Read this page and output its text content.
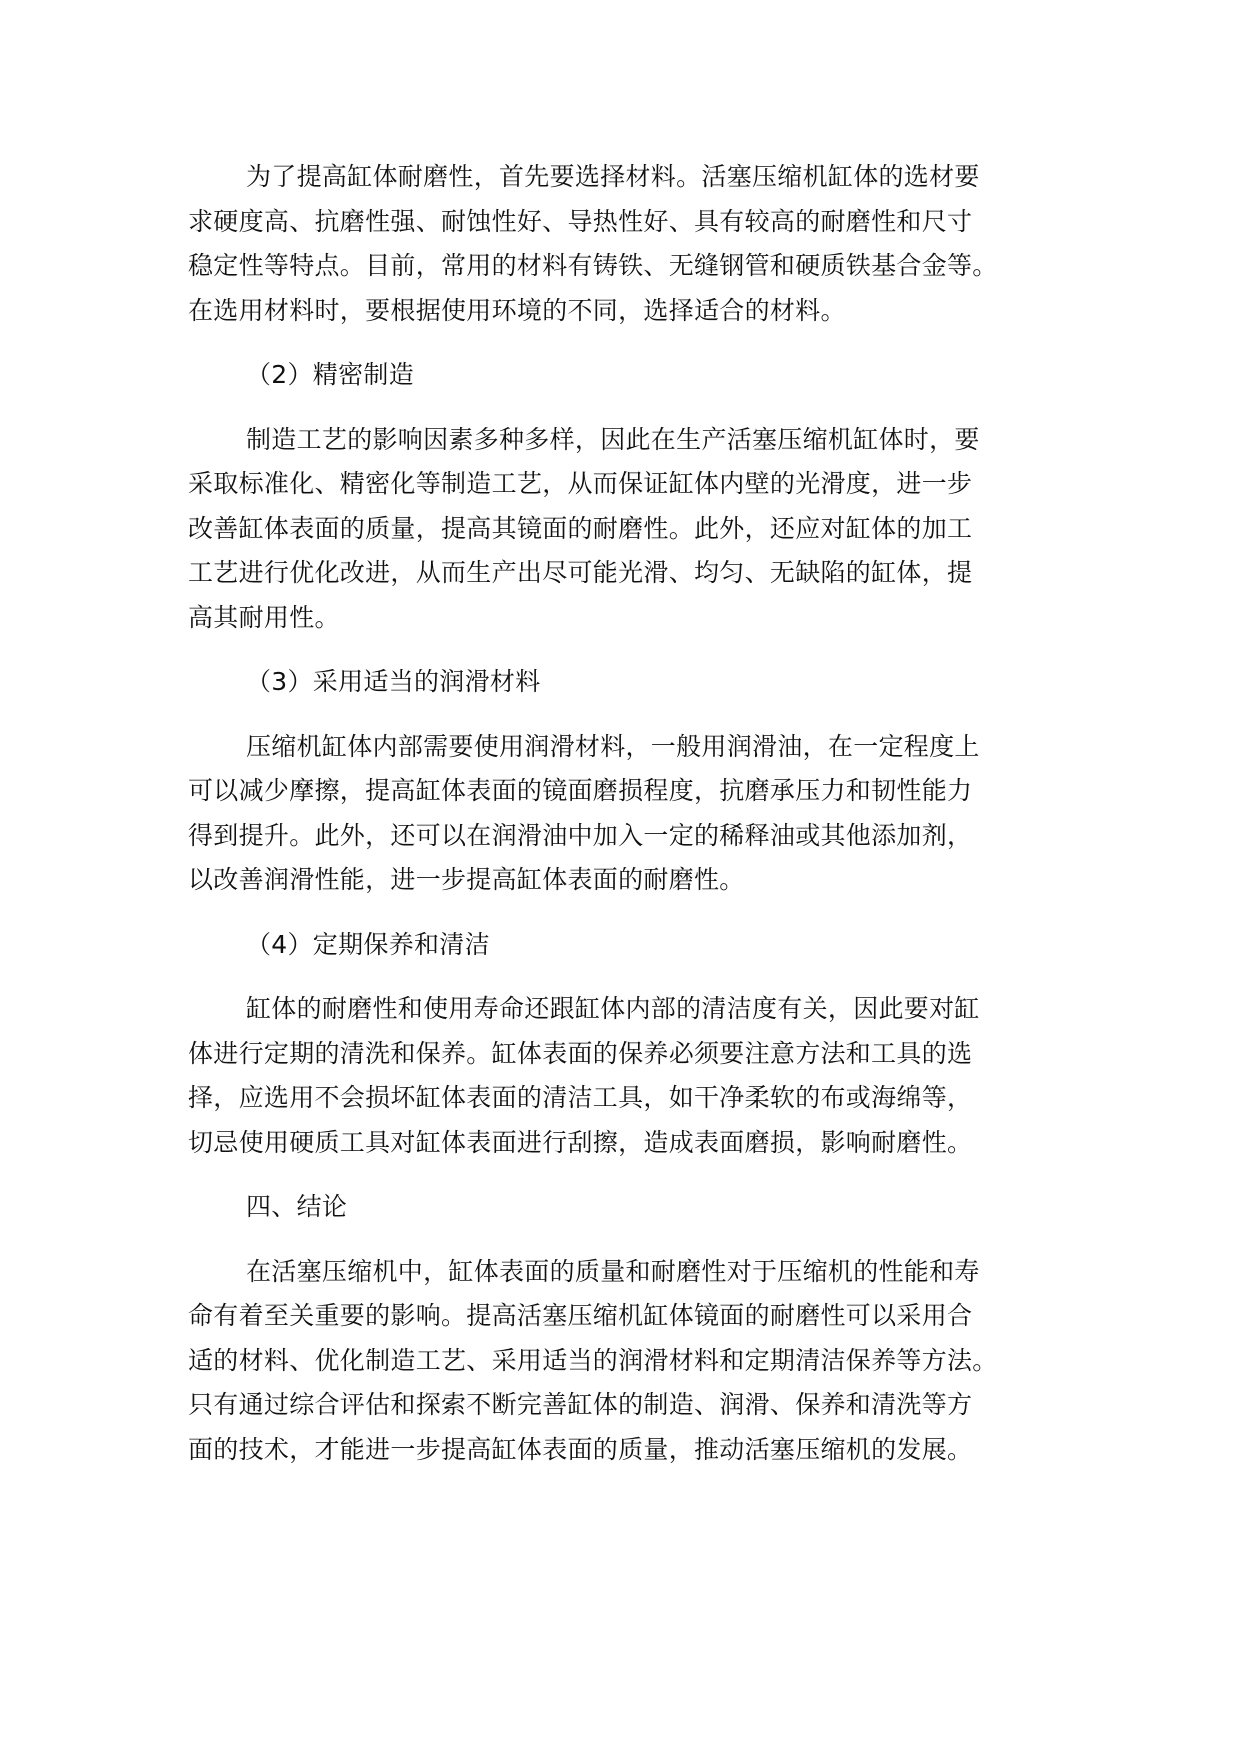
为了提高缸体耐磨性，首先要选择材料。活塞压缩机缸体的选材要
求硬度高、抗磨性强、耐蚀性好、导热性好、具有较高的耐磨性和尺寸
稳定性等特点。目前，常用的材料有铸铁、无缝钢管和硬质铁基合金等。
在选用材料时，要根据使用环境的不同，选择适合的材料。

（2）精密制造

制造工艺的影响因素多种多样，因此在生产活塞压缩机缸体时，要
采取标准化、精密化等制造工艺，从而保证缸体内壁的光滑度，进一步
改善缸体表面的质量，提高其镜面的耐磨性。此外，还应对缸体的加工
工艺进行优化改进，从而生产出尽可能光滑、均匀、无缺陷的缸体，提
高其耐用性。

（3）采用适当的润滑材料

压缩机缸体内部需要使用润滑材料，一般用润滑油，在一定程度上
可以减少摩擦，提高缸体表面的镜面磨损程度，抗磨承压力和韧性能力
得到提升。此外，还可以在润滑油中加入一定的稀释油或其他添加剂，
以改善润滑性能，进一步提高缸体表面的耐磨性。

（4）定期保养和清洁

缸体的耐磨性和使用寿命还跟缸体内部的清洁度有关，因此要对缸
体进行定期的清洗和保养。缸体表面的保养必须要注意方法和工具的选
择，应选用不会损坏缸体表面的清洁工具，如干净柔软的布或海绵等，
切忌使用硬质工具对缸体表面进行刮擦，造成表面磨损，影响耐磨性。

四、结论

在活塞压缩机中，缸体表面的质量和耐磨性对于压缩机的性能和寿
命有着至关重要的影响。提高活塞压缩机缸体镜面的耐磨性可以采用合
适的材料、优化制造工艺、采用适当的润滑材料和定期清洁保养等方法。
只有通过综合评估和探索不断完善缸体的制造、润滑、保养和清洗等方
面的技术，才能进一步提高缸体表面的质量，推动活塞压缩机的发展。
